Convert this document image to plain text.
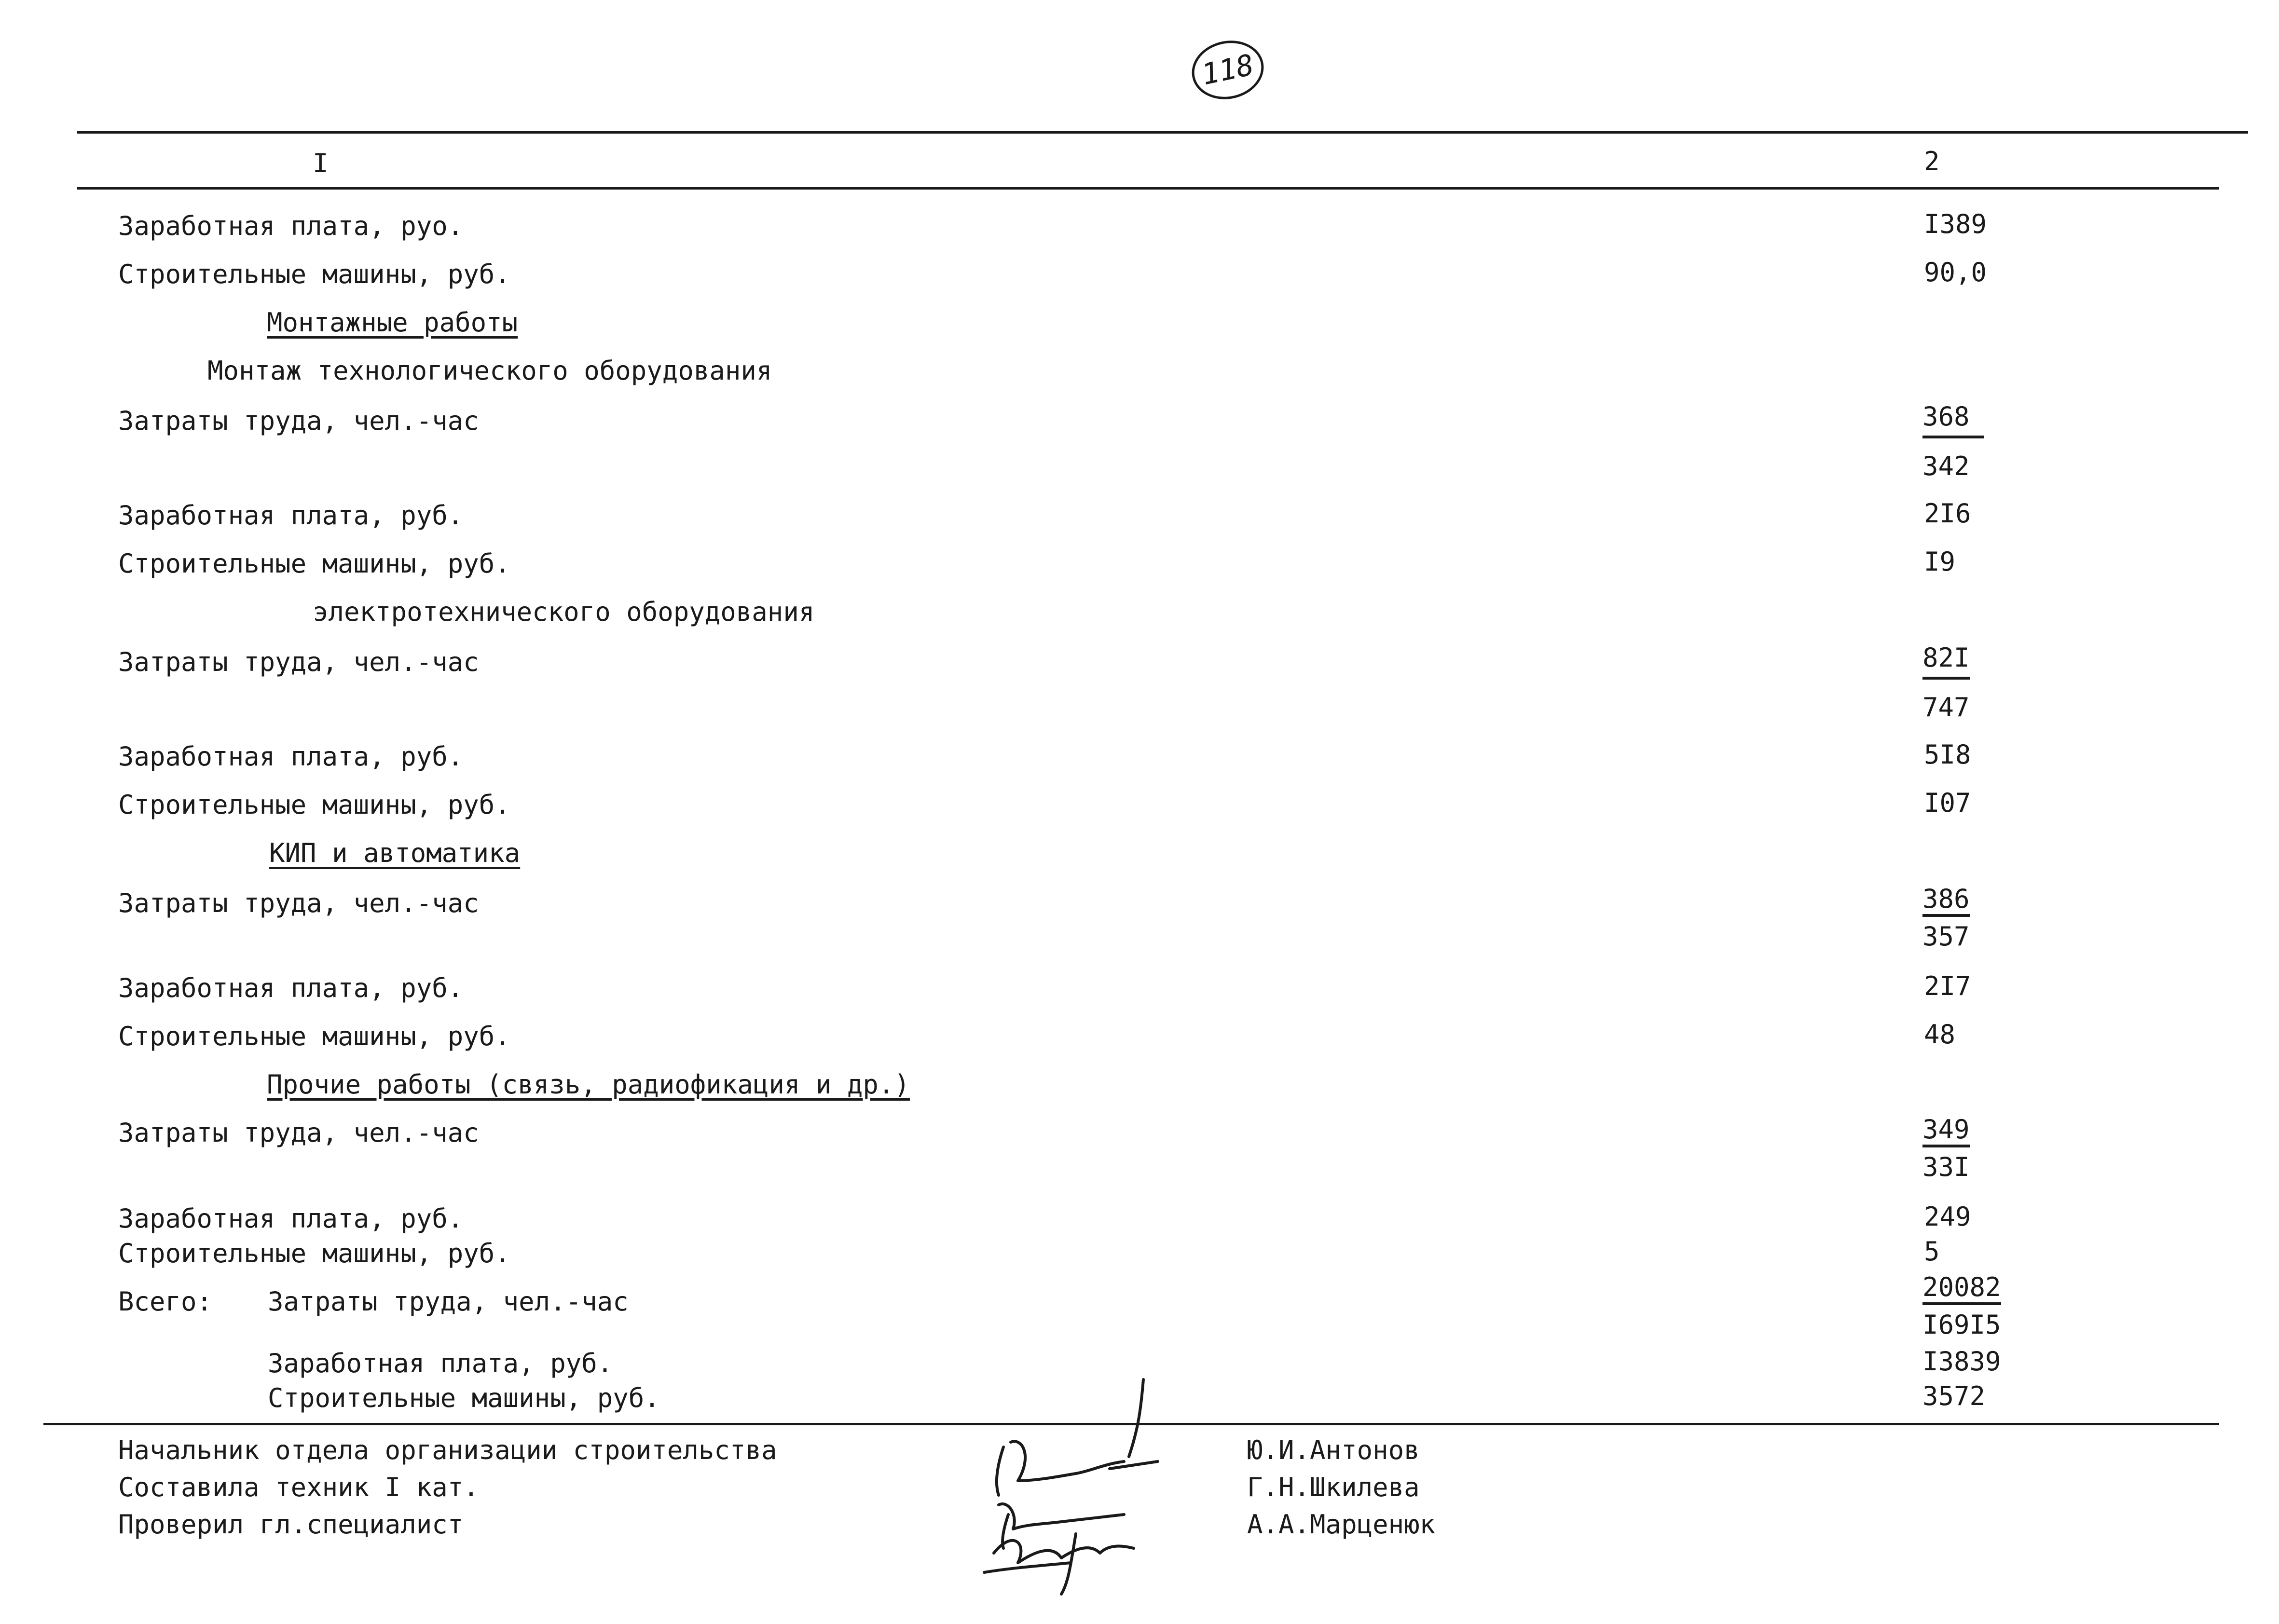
118
I	2
Заработная плата, руо.	I389
Строительные машины, руб.	90,0
Монтажные работы
Монтаж технологического оборудования
Затраты труда, чел.-час	368
342
Заработная плата, руб.	2I6
Строительные машины, руб.	I9
электротехнического оборудования
Затраты труда, чел.-час	82I
747
Заработная плата, руб.	5I8
Строительные машины, руб.	I07
КИП и автоматика
Затраты труда, чел.-час	386
357
Заработная плата, руб.	2I7
Строительные машины, руб.	48
Прочие работы (связь, радиофикация и др.)
Затраты труда, чел.-час	349
33I
Заработная плата, руб.	249
Строительные машины, руб.	5
Всего: Затраты труда, чел.-час	20082
I69I5
Заработная плата, руб.	I3839
Строительные машины, руб.	3572
Начальник отдела организации строительства	Ю.И.Антонов
Составила техник I кат.	Г.Н.Шкилева
Проверил гл.специалист	А.А.Марценюк
